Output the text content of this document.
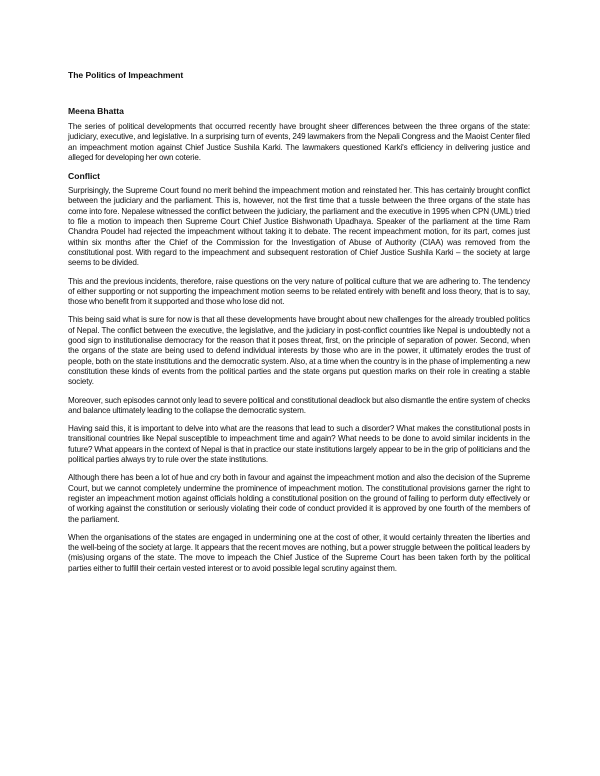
The Politics of Impeachment
Meena Bhatta

The series of political developments that occurred recently have brought sheer differences between the three organs of the state: judiciary, executive, and legislative. In a surprising turn of events, 249 lawmakers from the Nepali Congress and the Maoist Center filed an impeachment motion against Chief Justice Sushila Karki. The lawmakers questioned Karki's efficiency in delivering justice and alleged for developing her own coterie.

Conflict

Surprisingly, the Supreme Court found no merit behind the impeachment motion and reinstated her. This has certainly brought conflict between the judiciary and the parliament. This is, however, not the first time that a tussle between the three organs of the state has come into fore. Nepalese witnessed the conflict between the judiciary, the parliament and the executive in 1995 when CPN (UML) tried to file a motion to impeach then Supreme Court Chief Justice Bishwonath Upadhaya. Speaker of the parliament at the time Ram Chandra Poudel had rejected the impeachment without taking it to debate. The recent impeachment motion, for its part, comes just within six months after the Chief of the Commission for the Investigation of Abuse of Authority (CIAA) was removed from the constitutional post. With regard to the impeachment and subsequent restoration of Chief Justice Sushila Karki – the society at large seems to be divided.

This and the previous incidents, therefore, raise questions on the very nature of political culture that we are adhering to. The tendency of either supporting or not supporting the impeachment motion seems to be related entirely with benefit and loss theory, that is to say, those who benefit from it supported and those who lose did not.

This being said what is sure for now is that all these developments have brought about new challenges for the already troubled politics of Nepal. The conflict between the executive, the legislative, and the judiciary in post-conflict countries like Nepal is undoubtedly not a good sign to institutionalise democracy for the reason that it poses threat, first, on the principle of separation of power. Second, when the organs of the state are being used to defend individual interests by those who are in the power, it ultimately erodes the trust of people, both on the state institutions and the democratic system. Also, at a time when the country is in the phase of implementing a new constitution these kinds of events from the political parties and the state organs put question marks on their role in creating a stable society.

Moreover, such episodes cannot only lead to severe political and constitutional deadlock but also dismantle the entire system of checks and balance ultimately leading to the collapse the democratic system.

Having said this, it is important to delve into what are the reasons that lead to such a disorder? What makes the constitutional posts in transitional countries like Nepal susceptible to impeachment time and again? What needs to be done to avoid similar incidents in the future? What appears in the context of Nepal is that in practice our state institutions largely appear to be in the grip of politicians and the political parties always try to rule over the state institutions.

Although there has been a lot of hue and cry both in favour and against the impeachment motion and also the decision of the Supreme Court, but we cannot completely undermine the prominence of impeachment motion. The constitutional provisions garner the right to register an impeachment motion against officials holding a constitutional position on the ground of failing to perform duty effectively or of working against the constitution or seriously violating their code of conduct provided it is approved by one fourth of the members of the parliament.

When the organisations of the states are engaged in undermining one at the cost of other, it would certainly threaten the liberties and the well-being of the society at large. It appears that the recent moves are nothing, but a power struggle between the political leaders by (mis)using organs of the state. The move to impeach the Chief Justice of the Supreme Court has been taken forth by the political parties either to fulfill their certain vested interest or to avoid possible legal scrutiny against them.
